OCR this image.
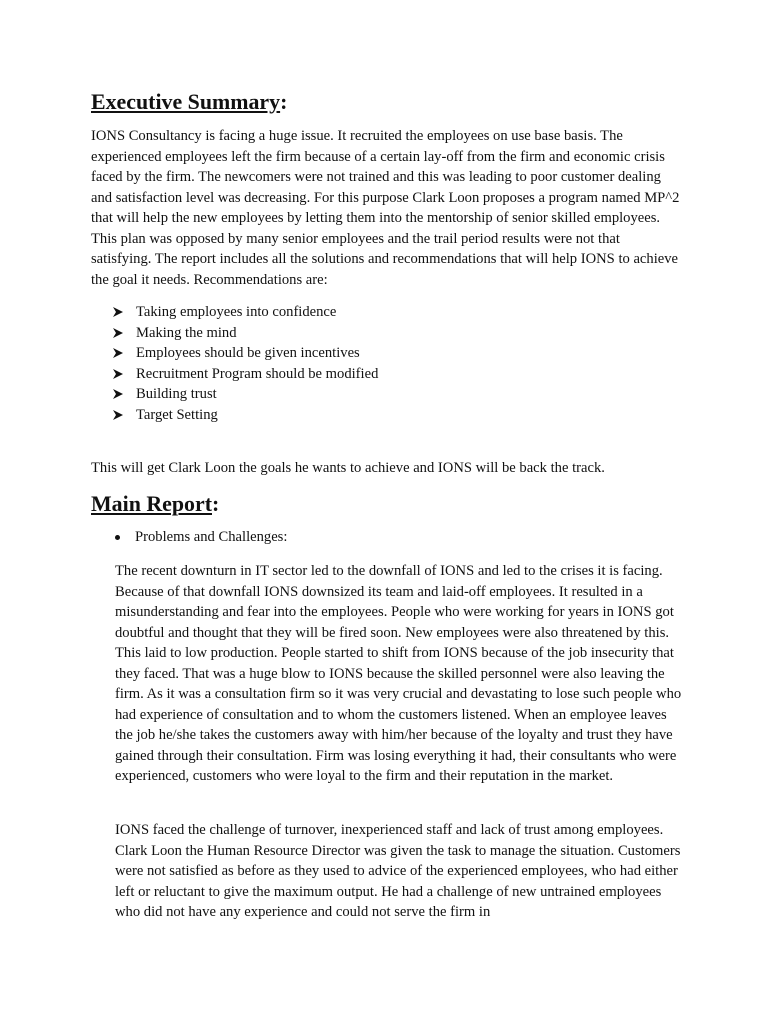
Executive Summary:

IONS Consultancy is facing a huge issue. It recruited the employees on use base basis. The experienced employees left the firm because of a certain lay-off from the firm and economic crisis faced by the firm. The newcomers were not trained and this was leading to poor customer dealing and satisfaction level was decreasing. For this purpose Clark Loon proposes a program named MP^2 that will help the new employees by letting them into the mentorship of senior skilled employees. This plan was opposed by many senior employees and the trail period results were not that satisfying. The report includes all the solutions and recommendations that will help IONS to achieve the goal it needs. Recommendations are:

Taking employees into confidence
Making the mind
Employees should be given incentives
Recruitment Program should be modified
Building trust
Target Setting

This will get Clark Loon the goals he wants to achieve and IONS will be back the track.

Main Report:
Problems and Challenges:

The recent downturn in IT sector led to the downfall of IONS and led to the crises it is facing. Because of that downfall IONS downsized its team and laid-off employees. It resulted in a misunderstanding and fear into the employees. People who were working for years in IONS got doubtful and thought that they will be fired soon. New employees were also threatened by this. This laid to low production. People started to shift from IONS because of the job insecurity that they faced. That was a huge blow to IONS because the skilled personnel were also leaving the firm. As it was a consultation firm so it was very crucial and devastating to lose such people who had experience of consultation and to whom the customers listened. When an employee leaves the job he/she takes the customers away with him/her because of the loyalty and trust they have gained through their consultation. Firm was losing everything it had, their consultants who were experienced, customers who were loyal to the firm and their reputation in the market.

IONS faced the challenge of turnover, inexperienced staff and lack of trust among employees. Clark Loon the Human Resource Director was given the task to manage the situation. Customers were not satisfied as before as they used to advice of the experienced employees, who had either left or reluctant to give the maximum output. He had a challenge of new untrained employees who did not have any experience and could not serve the firm in
